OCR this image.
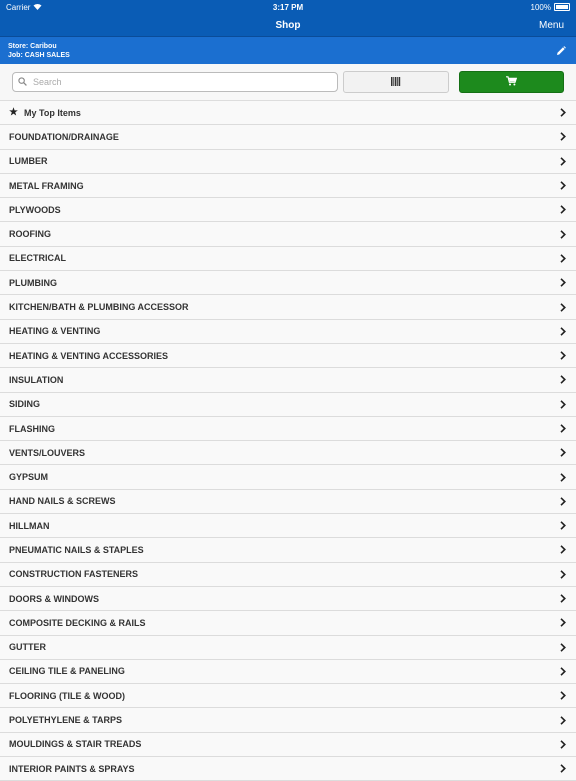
Carrier	3:17 PM	100%
Shop	Menu
Store: Caribou
Job: CASH SALES
Search
My Top Items
FOUNDATION/DRAINAGE
LUMBER
METAL FRAMING
PLYWOODS
ROOFING
ELECTRICAL
PLUMBING
KITCHEN/BATH & PLUMBING ACCESSOR
HEATING & VENTING
HEATING & VENTING ACCESSORIES
INSULATION
SIDING
FLASHING
VENTS/LOUVERS
GYPSUM
HAND NAILS & SCREWS
HILLMAN
PNEUMATIC NAILS & STAPLES
CONSTRUCTION FASTENERS
DOORS & WINDOWS
COMPOSITE DECKING & RAILS
GUTTER
CEILING TILE & PANELING
FLOORING (TILE & WOOD)
POLYETHYLENE & TARPS
MOULDINGS & STAIR TREADS
INTERIOR PAINTS & SPRAYS
